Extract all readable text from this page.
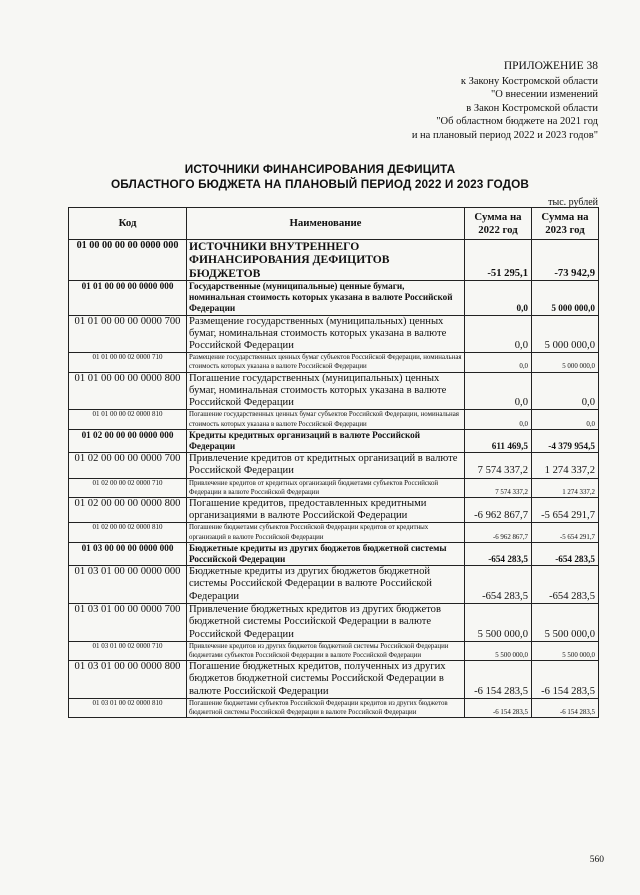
ПРИЛОЖЕНИЕ 38
к Закону Костромской области
"О внесении изменений
в Закон Костромской области
"Об областном бюджете на 2021 год
и на плановый период 2022 и 2023 годов"
ИСТОЧНИКИ ФИНАНСИРОВАНИЯ ДЕФИЦИТА
ОБЛАСТНОГО БЮДЖЕТА НА ПЛАНОВЫЙ ПЕРИОД 2022 И 2023 ГОДОВ
тыс. рублей
Код	Наименование	Сумма на 2022 год	Сумма на 2023 год
01 00 00 00 00 0000 000	ИСТОЧНИКИ ВНУТРЕННЕГО ФИНАНСИРОВАНИЯ ДЕФИЦИТОВ БЮДЖЕТОВ	-51 295,1	-73 942,9
01 01 00 00 00 0000 000	Государственные (муниципальные) ценные бумаги, номинальная стоимость которых указана в валюте Российской Федерации	0,0	5 000 000,0
01 01 00 00 00 0000 700	Размещение государственных (муниципальных) ценных бумаг, номинальная стоимость которых указана в валюте Российской Федерации	0,0	5 000 000,0
01 01 00 00 02 0000 710	Размещение государственных ценных бумаг субъектов Российской Федерации, номинальная стоимость которых указана в валюте Российской Федерации	0,0	5 000 000,0
01 01 00 00 00 0000 800	Погашение государственных (муниципальных) ценных бумаг, номинальная стоимость которых указана в валюте Российской Федерации	0,0	0,0
01 01 00 00 02 0000 810	Погашение государственных ценных бумаг субъектов Российской Федерации, номинальная стоимость которых указана в валюте Российской Федерации	0,0	0,0
01 02 00 00 00 0000 000	Кредиты кредитных организаций в валюте Российской Федерации	611 469,5	-4 379 954,5
01 02 00 00 00 0000 700	Привлечение кредитов от кредитных организаций в валюте Российской Федерации	7 574 337,2	1 274 337,2
01 02 00 00 02 0000 710	Привлечение кредитов от кредитных организаций бюджетами субъектов Российской Федерации в валюте Российской Федерации	7 574 337,2	1 274 337,2
01 02 00 00 00 0000 800	Погашение кредитов, предоставленных кредитными организациями в валюте Российской Федерации	-6 962 867,7	-5 654 291,7
01 02 00 00 02 0000 810	Погашение бюджетами субъектов Российской Федерации кредитов от кредитных организаций в валюте Российской Федерации	-6 962 867,7	-5 654 291,7
01 03 00 00 00 0000 000	Бюджетные кредиты из других бюджетов бюджетной системы Российской Федерации	-654 283,5	-654 283,5
01 03 01 00 00 0000 000	Бюджетные кредиты из других бюджетов бюджетной системы Российской Федерации в валюте Российской Федерации	-654 283,5	-654 283,5
01 03 01 00 00 0000 700	Привлечение бюджетных кредитов из других бюджетов бюджетной системы Российской Федерации в валюте Российской Федерации	5 500 000,0	5 500 000,0
01 03 01 00 02 0000 710	Привлечение кредитов из других бюджетов бюджетной системы Российской Федерации бюджетами субъектов Российской Федерации в валюте Российской Федерации	5 500 000,0	5 500 000,0
01 03 01 00 00 0000 800	Погашение бюджетных кредитов, полученных из других бюджетов бюджетной системы Российской Федерации в валюте Российской Федерации	-6 154 283,5	-6 154 283,5
01 03 01 00 02 0000 810	Погашение бюджетами субъектов Российской Федерации кредитов из других бюджетов бюджетной системы Российской Федерации в валюте Российской Федерации	-6 154 283,5	-6 154 283,5
560
